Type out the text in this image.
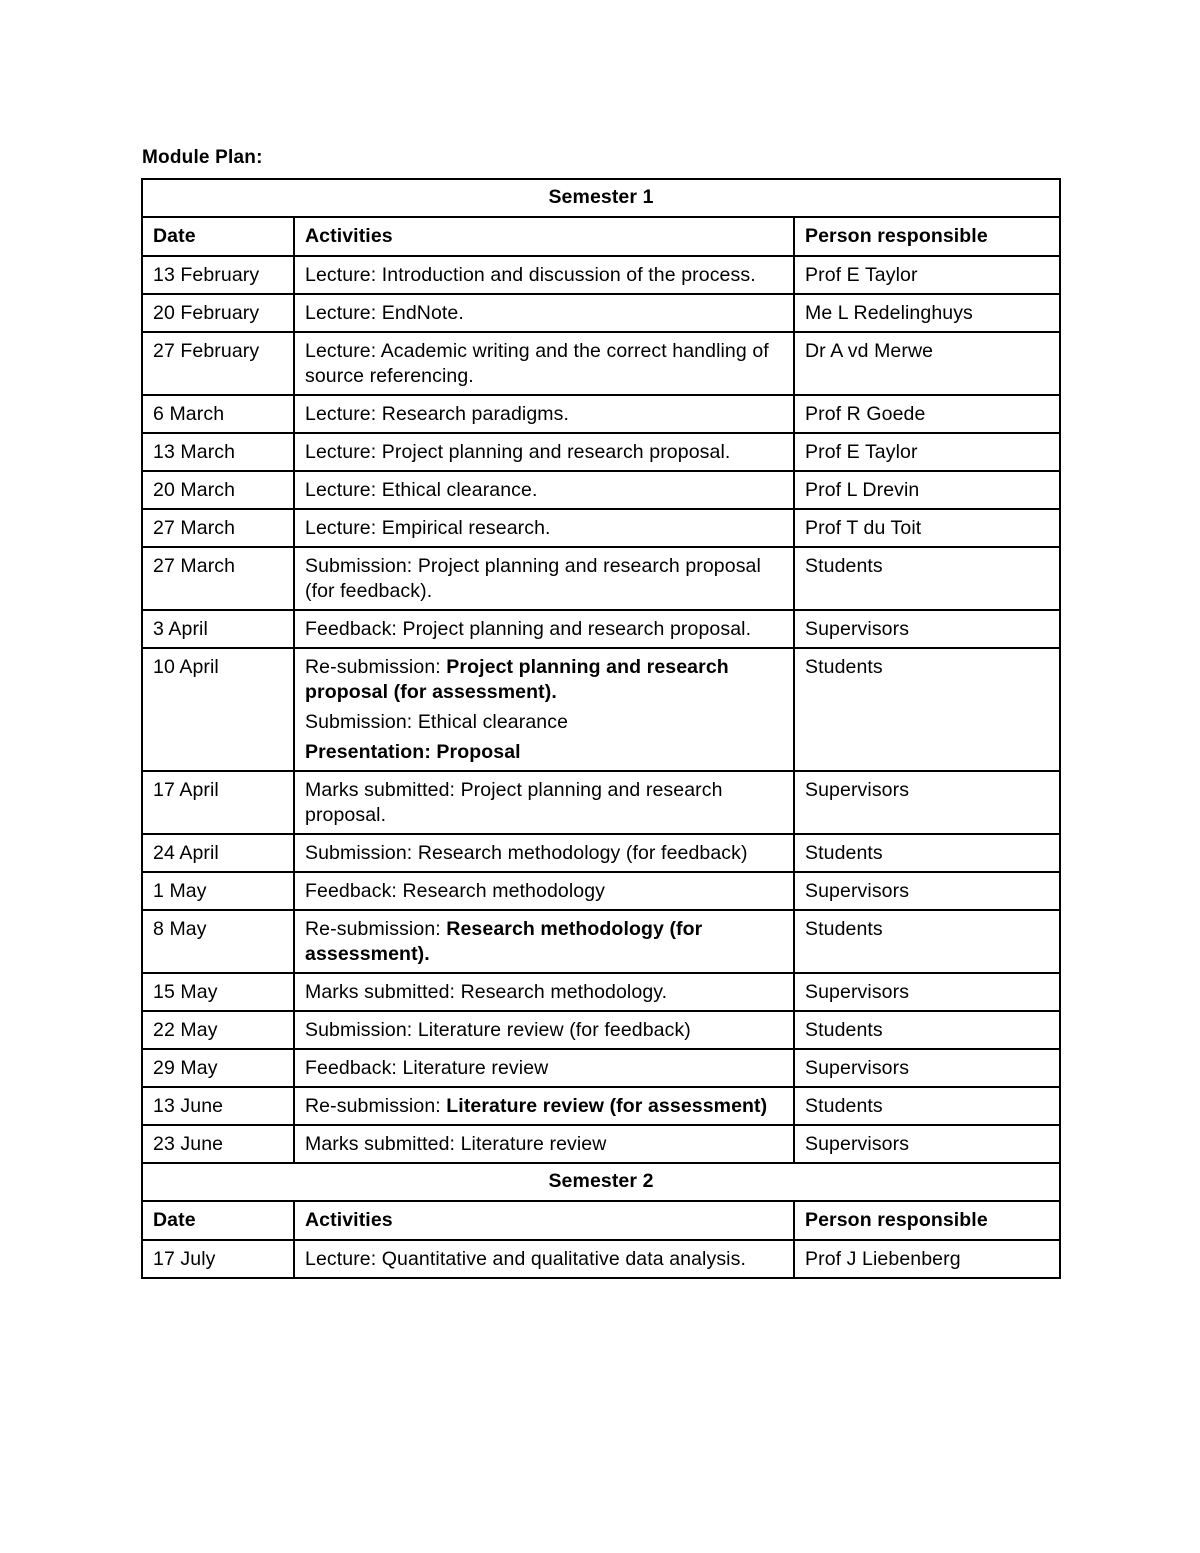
Module Plan:
Semester 1		
Date	Activities	Person responsible
13 February	Lecture: Introduction and discussion of the process.	Prof E Taylor
20 February	Lecture: EndNote.	Me L Redelinghuys
27 February	Lecture: Academic writing and the correct handling of source referencing.	Dr A vd Merwe
6 March	Lecture: Research paradigms.	Prof R Goede
13 March	Lecture: Project planning and research proposal.	Prof E Taylor
20 March	Lecture: Ethical clearance.	Prof L Drevin
27 March	Lecture: Empirical research.	Prof T du Toit
27 March	Submission: Project planning and research proposal (for feedback).	Students
3 April	Feedback: Project planning and research proposal.	Supervisors
10 April	Re-submission: Project planning and research proposal (for assessment).
Submission: Ethical clearance
Presentation: Proposal	Students
17 April	Marks submitted: Project planning and research proposal.	Supervisors
24 April	Submission: Research methodology (for feedback)	Students
1 May	Feedback: Research methodology	Supervisors
8 May	Re-submission: Research methodology (for assessment).	Students
15 May	Marks submitted: Research methodology.	Supervisors
22 May	Submission: Literature review (for feedback)	Students
29 May	Feedback: Literature review	Supervisors
13 June	Re-submission: Literature review (for assessment)	Students
23 June	Marks submitted: Literature review	Supervisors
Semester 2		
Date	Activities	Person responsible
17 July	Lecture: Quantitative and qualitative data analysis.	Prof J Liebenberg
